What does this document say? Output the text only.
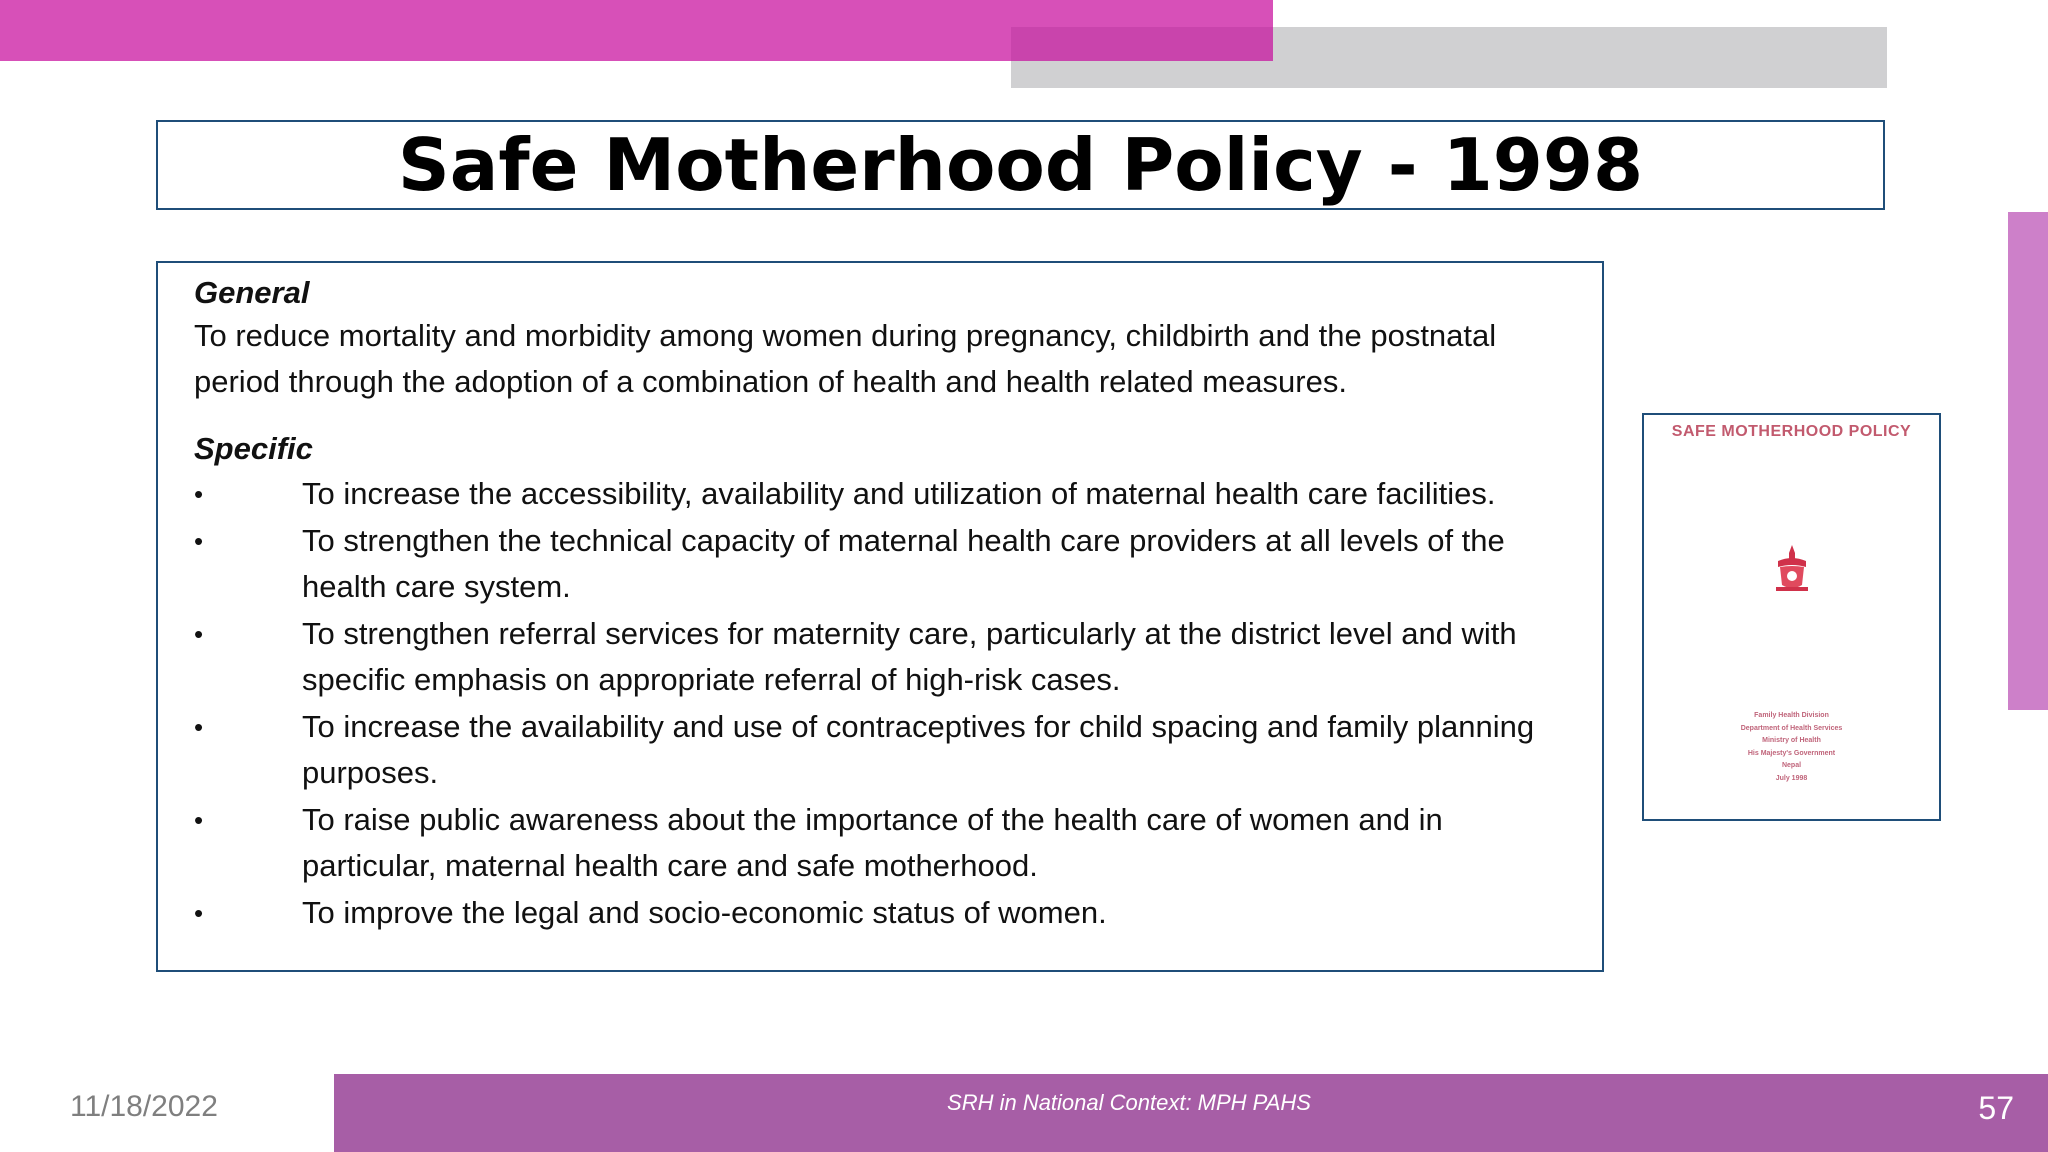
Safe Motherhood Policy - 1998

General

To reduce mortality and morbidity among women during pregnancy, childbirth and the postnatal period through the adoption of a combination of health and health related measures.

Specific

•	To increase the accessibility, availability and utilization of maternal health care facilities.
•	To strengthen the technical capacity of maternal health care providers at all levels of the health care system.
•	To strengthen referral services for maternity care, particularly at the district level and with specific emphasis on appropriate referral of high-risk cases.
•	To increase the availability and use of contraceptives for child spacing and family planning purposes.
•	To raise public awareness about the importance of the health care of women and in particular, maternal health care and safe motherhood.
•	To improve the legal and socio-economic status of women.
SAFE MOTHERHOOD POLICY
Family Health Division
Department of Health Services
Ministry of Health
His Majesty's Government
Nepal
July 1998
11/18/2022	SRH in National Context: MPH PAHS	57
